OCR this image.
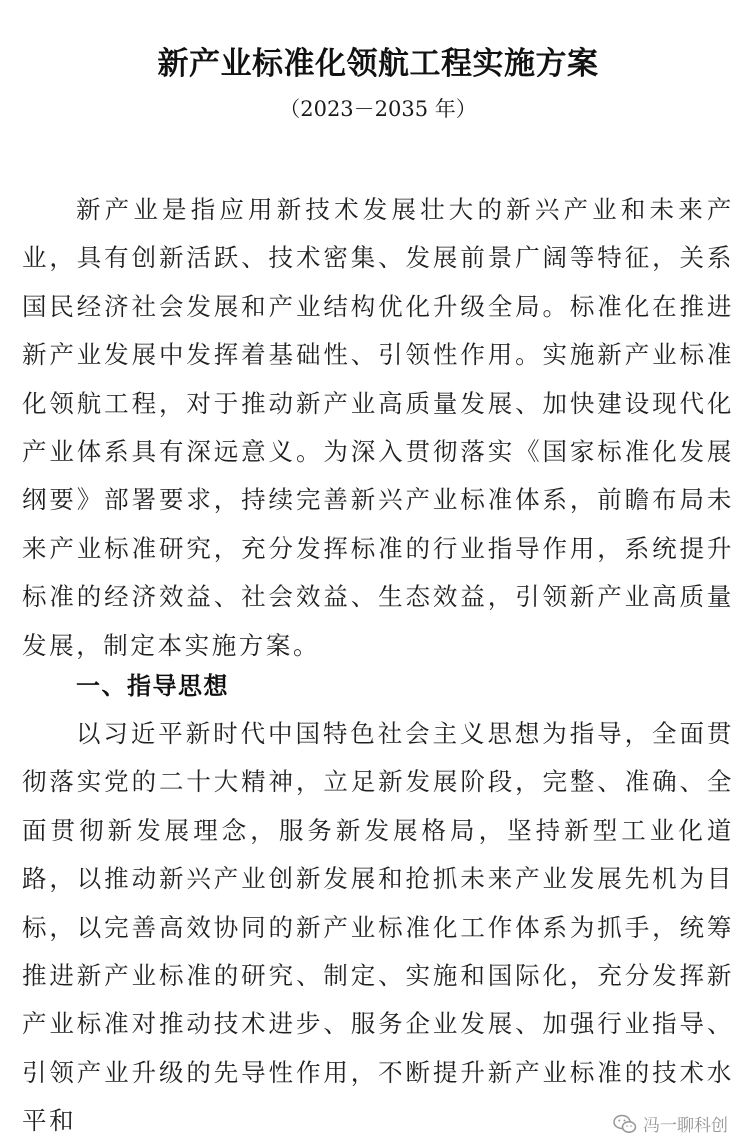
新产业标准化领航工程实施方案
（2023－2035 年）

新产业是指应用新技术发展壮大的新兴产业和未来产业，具有创新活跃、技术密集、发展前景广阔等特征，关系国民经济社会发展和产业结构优化升级全局。标准化在推进新产业发展中发挥着基础性、引领性作用。实施新产业标准化领航工程，对于推动新产业高质量发展、加快建设现代化产业体系具有深远意义。为深入贯彻落实《国家标准化发展纲要》部署要求，持续完善新兴产业标准体系，前瞻布局未来产业标准研究，充分发挥标准的行业指导作用，系统提升标准的经济效益、社会效益、生态效益，引领新产业高质量发展，制定本实施方案。

一、指导思想

以习近平新时代中国特色社会主义思想为指导，全面贯彻落实党的二十大精神，立足新发展阶段，完整、准确、全面贯彻新发展理念，服务新发展格局，坚持新型工业化道路，以推动新兴产业创新发展和抢抓未来产业发展先机为目标，以完善高效协同的新产业标准化工作体系为抓手，统筹推进新产业标准的研究、制定、实施和国际化，充分发挥新产业标准对推动技术进步、服务企业发展、加强行业指导、引领产业升级的先导性作用，不断提升新产业标准的技术水平和	冯一聊科创
